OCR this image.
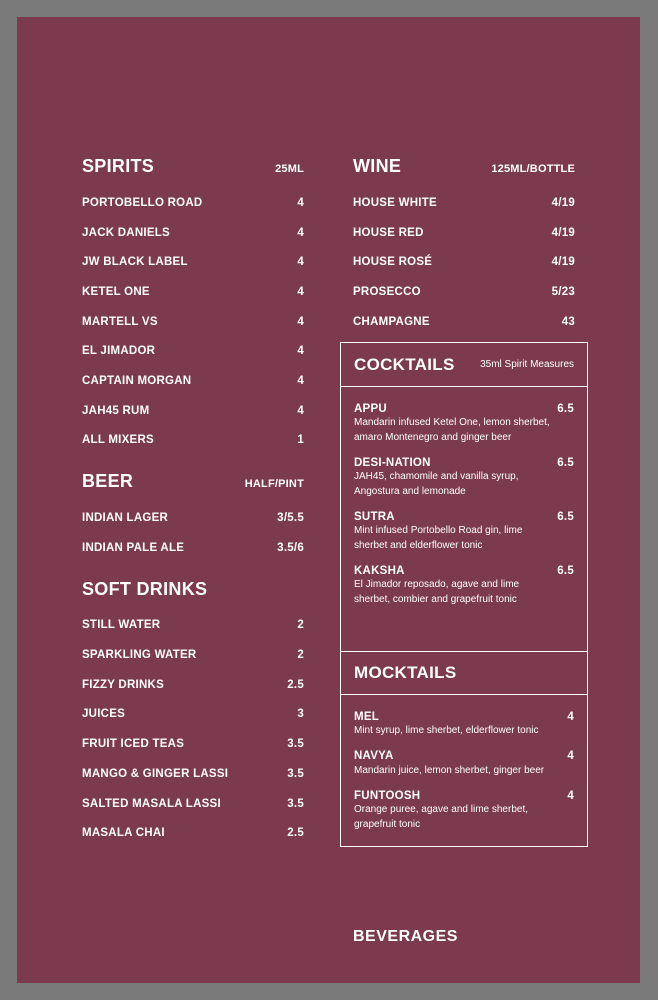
SPIRITS	25ML
PORTOBELLO ROAD	4
JACK DANIELS	4
JW BLACK LABEL	4
KETEL ONE	4
MARTELL VS	4
EL JIMADOR	4
CAPTAIN MORGAN	4
JAH45 RUM	4
ALL MIXERS	1
BEER	HALF/PINT
INDIAN LAGER	3/5.5
INDIAN PALE ALE	3.5/6
SOFT DRINKS
STILL WATER	2
SPARKLING WATER	2
FIZZY DRINKS	2.5
JUICES	3
FRUIT ICED TEAS	3.5
MANGO & GINGER LASSI	3.5
SALTED MASALA LASSI	3.5
MASALA CHAI	2.5
WINE	125ML/BOTTLE
HOUSE WHITE	4/19
HOUSE RED	4/19
HOUSE ROSÉ	4/19
PROSECCO	5/23
CHAMPAGNE	43
COCKTAILS	35ml Spirit Measures
APPU	6.5
Mandarin infused Ketel One, lemon sherbet,
amaro Montenegro and ginger beer
DESI-NATION	6.5
JAH45, chamomile and vanilla syrup,
Angostura and lemonade
SUTRA	6.5
Mint infused Portobello Road gin, lime
sherbet and elderflower tonic
KAKSHA	6.5
El Jimador reposado, agave and lime
sherbet, combier and grapefruit tonic
MOCKTAILS
MEL	4
Mint syrup, lime sherbet, elderflower tonic
NAVYA	4
Mandarin juice, lemon sherbet, ginger beer
FUNTOOSH	4
Orange puree, agave and lime sherbet,
grapefruit tonic
BEVERAGES
